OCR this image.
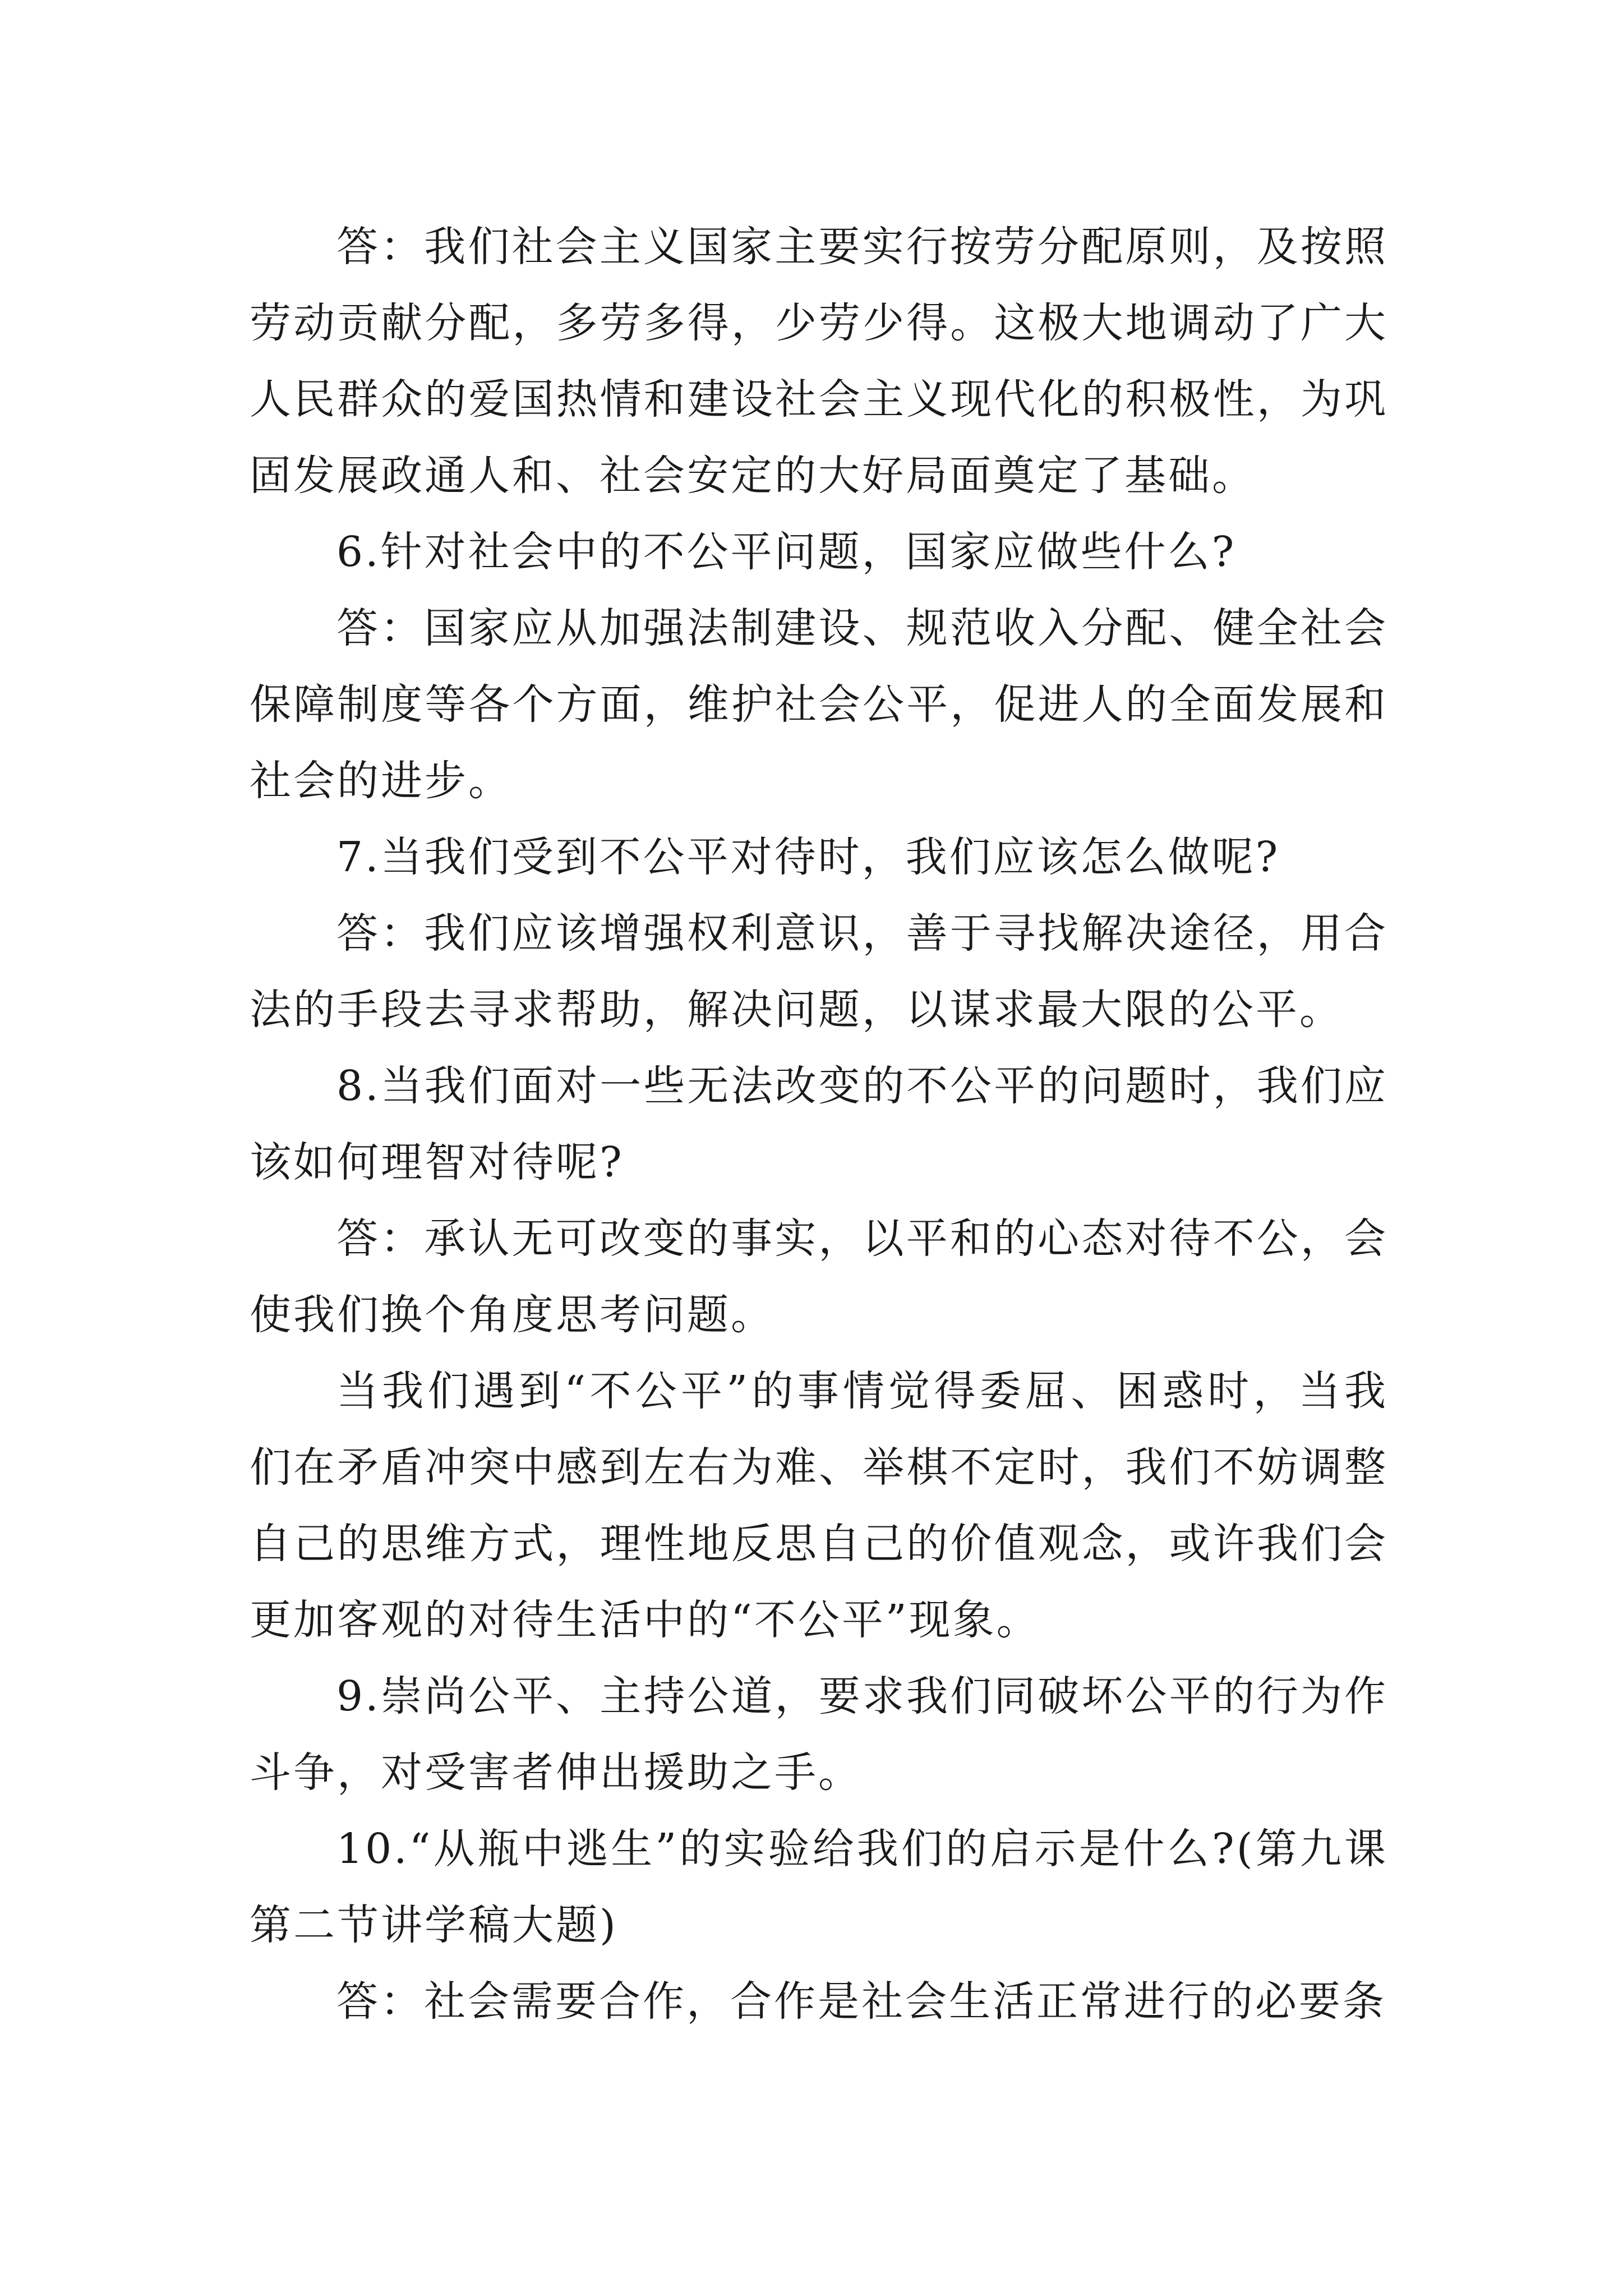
答：我们社会主义国家主要实行按劳分配原则，及按照劳动贡献分配，多劳多得，少劳少得。这极大地调动了广大人民群众的爱国热情和建设社会主义现代化的积极性，为巩固发展政通人和、社会安定的大好局面奠定了基础。

6.针对社会中的不公平问题，国家应做些什么?

答：国家应从加强法制建设、规范收入分配、健全社会保障制度等各个方面，维护社会公平，促进人的全面发展和社会的进步。

7.当我们受到不公平对待时，我们应该怎么做呢?

答：我们应该增强权利意识，善于寻找解决途径，用合法的手段去寻求帮助，解决问题，以谋求最大限的公平。

8.当我们面对一些无法改变的不公平的问题时，我们应该如何理智对待呢?

答：承认无可改变的事实，以平和的心态对待不公，会使我们换个角度思考问题。

当我们遇到“不公平”的事情觉得委屈、困惑时，当我们在矛盾冲突中感到左右为难、举棋不定时，我们不妨调整自己的思维方式，理性地反思自己的价值观念，或许我们会更加客观的对待生活中的“不公平”现象。

9.崇尚公平、主持公道，要求我们同破坏公平的行为作斗争，对受害者伸出援助之手。

10.“从瓶中逃生”的实验给我们的启示是什么?(第九课第二节讲学稿大题)

答：社会需要合作，合作是社会生活正常进行的必要条
